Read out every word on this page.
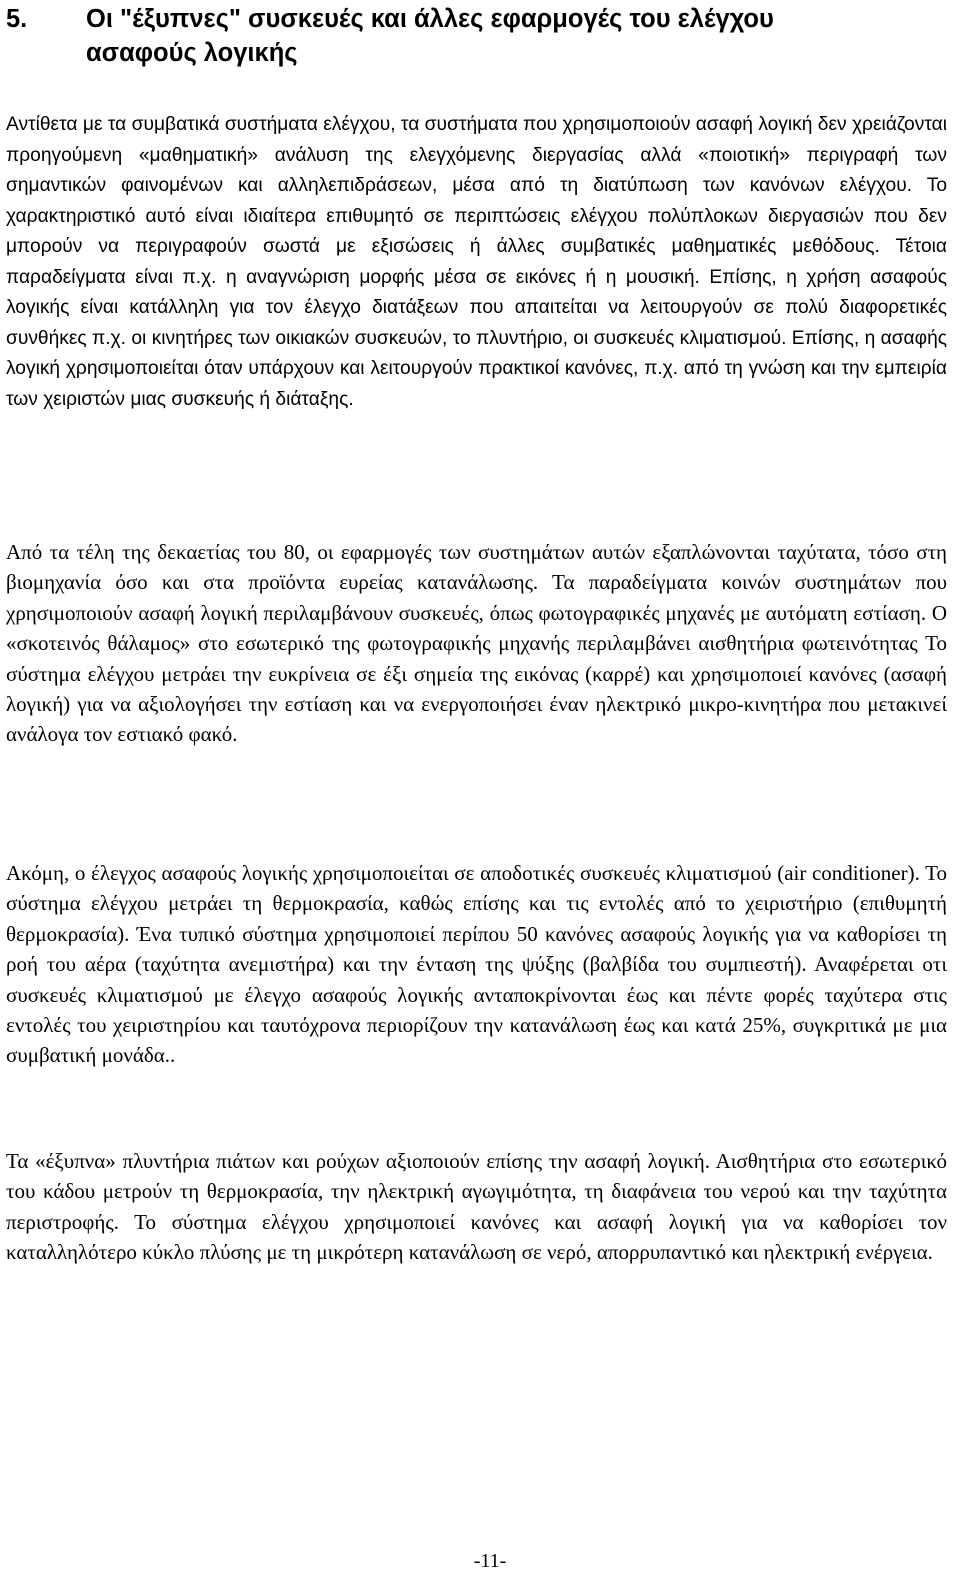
5. Οι "έξυπνες" συσκευές και άλλες εφαρμογές του ελέγχου
ασαφούς λογικής

Αντίθετα με τα συμβατικά συστήματα ελέγχου, τα συστήματα που χρησιμοποιούν ασαφή λογική δεν χρειάζονται προηγούμενη «μαθηματική» ανάλυση της ελεγχόμενης διεργασίας αλλά «ποιοτική» περιγραφή των σημαντικών φαινομένων και αλληλεπιδράσεων, μέσα από τη διατύπωση των κανόνων ελέγχου. Το χαρακτηριστικό αυτό είναι ιδιαίτερα επιθυμητό σε περιπτώσεις ελέγχου πολύπλοκων διεργασιών που δεν μπορούν να περιγραφούν σωστά με εξισώσεις ή άλλες συμβατικές μαθηματικές μεθόδους. Τέτοια παραδείγματα είναι π.χ. η αναγνώριση μορφής μέσα σε εικόνες ή η μουσική. Επίσης, η χρήση ασαφούς λογικής είναι κατάλληλη για τον έλεγχο διατάξεων που απαιτείται να λειτουργούν σε πολύ διαφορετικές συνθήκες π.χ. οι κινητήρες των οικιακών συσκευών, το πλυντήριο, οι συσκευές κλιματισμού. Επίσης, η ασαφής λογική χρησιμοποιείται όταν υπάρχουν και λειτουργούν πρακτικοί κανόνες, π.χ. από τη γνώση και την εμπειρία των χειριστών μιας συσκευής ή διάταξης.

Από τα τέλη της δεκαετίας του 80, οι εφαρμογές των συστημάτων αυτών εξαπλώνονται ταχύτατα, τόσο στη βιομηχανία όσο και στα προϊόντα ευρείας κατανάλωσης. Τα παραδείγματα κοινών συστημάτων που χρησιμοποιούν ασαφή λογική περιλαμβάνουν συσκευές, όπως φωτογραφικές μηχανές με αυτόματη εστίαση. Ο «σκοτεινός θάλαμος» στο εσωτερικό της φωτογραφικής μηχανής περιλαμβάνει αισθητήρια φωτεινότητας Το σύστημα ελέγχου μετράει την ευκρίνεια σε έξι σημεία της εικόνας (καρρέ) και χρησιμοποιεί κανόνες (ασαφή λογική) για να αξιολογήσει την εστίαση και να ενεργοποιήσει έναν ηλεκτρικό μικρο-κινητήρα που μετακινεί ανάλογα τον εστιακό φακό.

Ακόμη, ο έλεγχος ασαφούς λογικής χρησιμοποιείται σε αποδοτικές συσκευές κλιματισμού (air conditioner). Το σύστημα ελέγχου μετράει τη θερμοκρασία, καθώς επίσης και τις εντολές από το χειριστήριο (επιθυμητή θερμοκρασία). Ένα τυπικό σύστημα χρησιμοποιεί περίπου 50 κανόνες ασαφούς λογικής για να καθορίσει τη ροή του αέρα (ταχύτητα ανεμιστήρα) και την ένταση της ψύξης (βαλβίδα του συμπιεστή). Αναφέρεται οτι συσκευές κλιματισμού με έλεγχο ασαφούς λογικής ανταποκρίνονται έως και πέντε φορές ταχύτερα στις εντολές του χειριστηρίου και ταυτόχρονα περιορίζουν την κατανάλωση έως και κατά 25%, συγκριτικά με μια συμβατική μονάδα..

Τα «έξυπνα» πλυντήρια πιάτων και ρούχων αξιοποιούν επίσης την ασαφή λογική. Αισθητήρια στο εσωτερικό του κάδου μετρούν τη θερμοκρασία, την ηλεκτρική αγωγιμότητα, τη διαφάνεια του νερού και την ταχύτητα περιστροφής. Το σύστημα ελέγχου χρησιμοποιεί κανόνες και ασαφή λογική για να καθορίσει τον καταλληλότερο κύκλο πλύσης με τη μικρότερη κατανάλωση σε νερό, απορρυπαντικό και ηλεκτρική ενέργεια.

-11-
